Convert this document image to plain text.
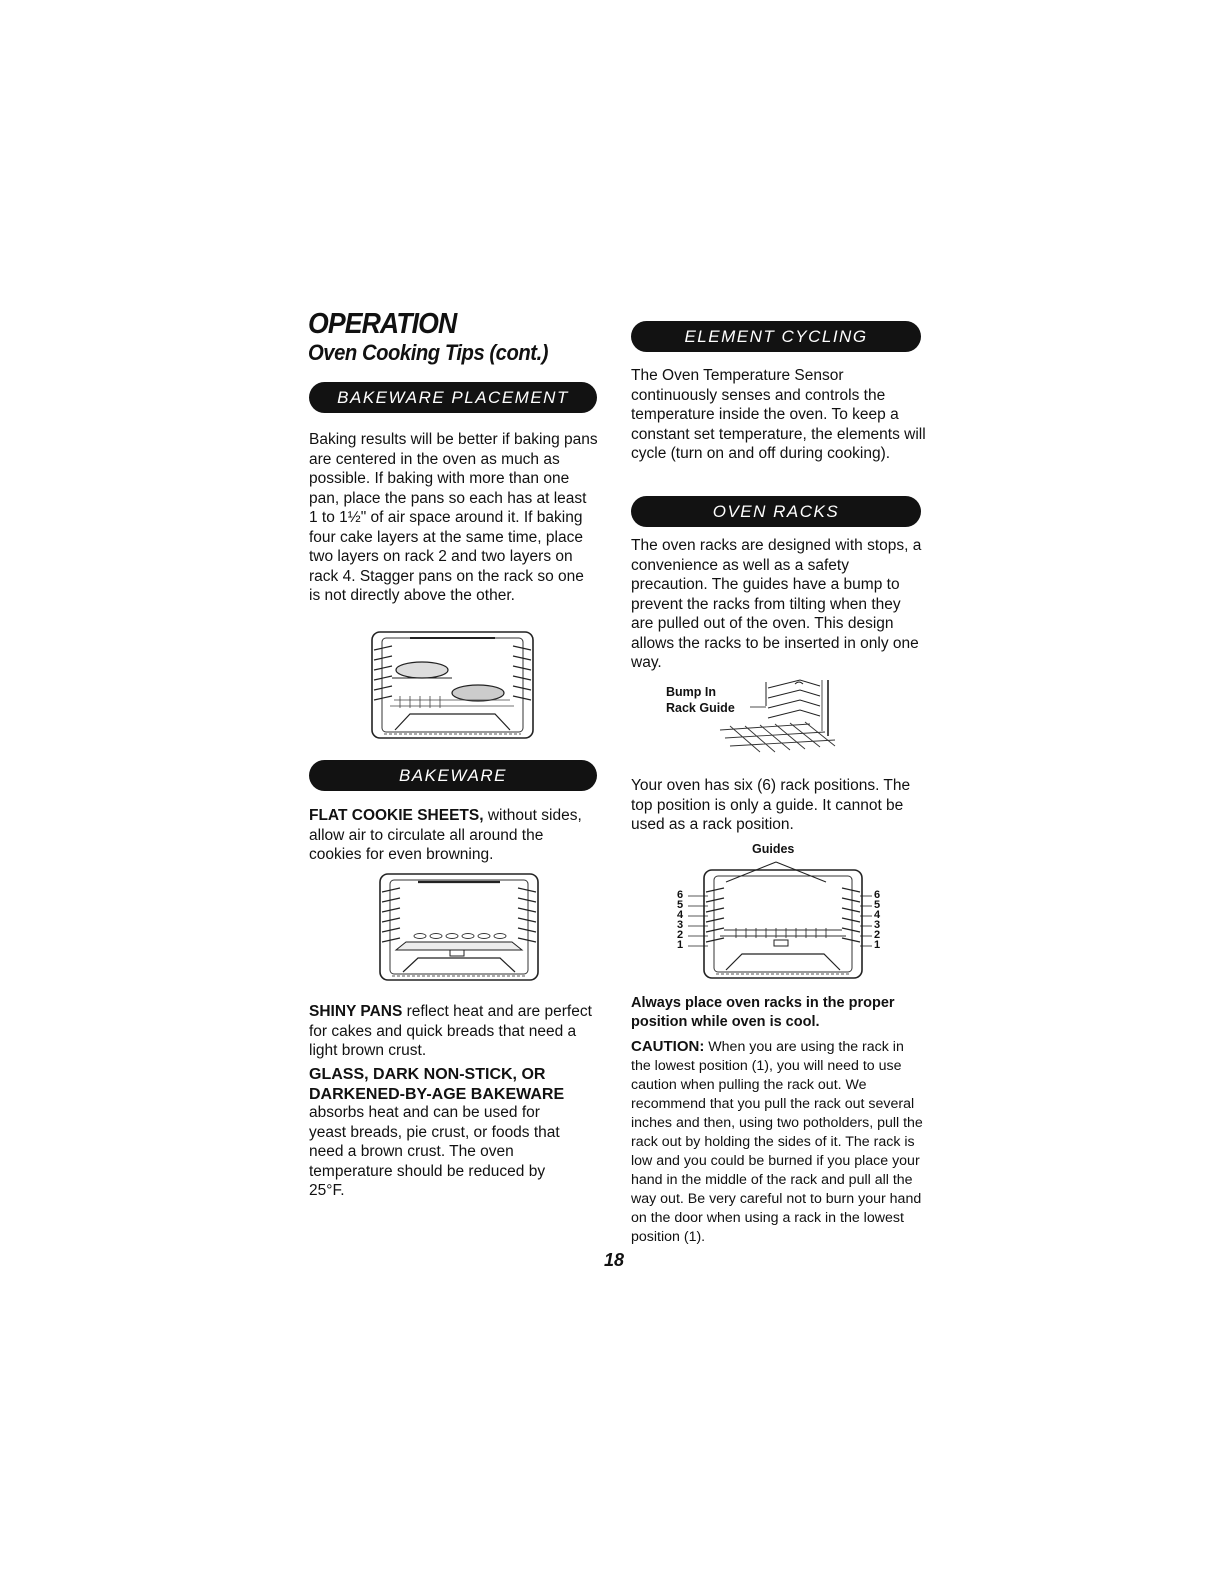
OPERATION
Oven Cooking Tips (cont.)
BAKEWARE PLACEMENT

Baking results will be better if baking pans are centered in the oven as much as possible. If baking with more than one pan, place the pans so each has at least 1 to 1½" of air space around it. If baking four cake layers at the same time, place two layers on rack 2 and two layers on rack 4. Stagger pans on the rack so one is not directly above the other.

BAKEWARE

FLAT COOKIE SHEETS, without sides, allow air to circulate all around the cookies for even browning.

SHINY PANS reflect heat and are perfect for cakes and quick breads that need a light brown crust.

GLASS, DARK NON-STICK, OR DARKENED-BY-AGE BAKEWARE
absorbs heat and can be used for yeast breads, pie crust, or foods that need a brown crust. The oven temperature should be reduced by 25°F.
ELEMENT CYCLING
The Oven Temperature Sensor continuously senses and controls the temperature inside the oven. To keep a constant set temperature, the elements will cycle (turn on and off during cooking).
OVEN RACKS
The oven racks are designed with stops, a convenience as well as a safety precaution. The guides have a bump to prevent the racks from tilting when they are pulled out of the oven. This design allows the racks to be inserted in only one way.
Bump In
Rack Guide
Your oven has six (6) rack positions. The top position is only a guide. It cannot be used as a rack position.
Guides
6
5
4
3
2
1
6
5
4
3
2
1
Always place oven racks in the proper position while oven is cool.
CAUTION: When you are using the rack in the lowest position (1), you will need to use caution when pulling the rack out. We recommend that you pull the rack out several inches and then, using two potholders, pull the rack out by holding the sides of it. The rack is low and you could be burned if you place your hand in the middle of the rack and pull all the way out. Be very careful not to burn your hand on the door when using a rack in the lowest position (1).
18
